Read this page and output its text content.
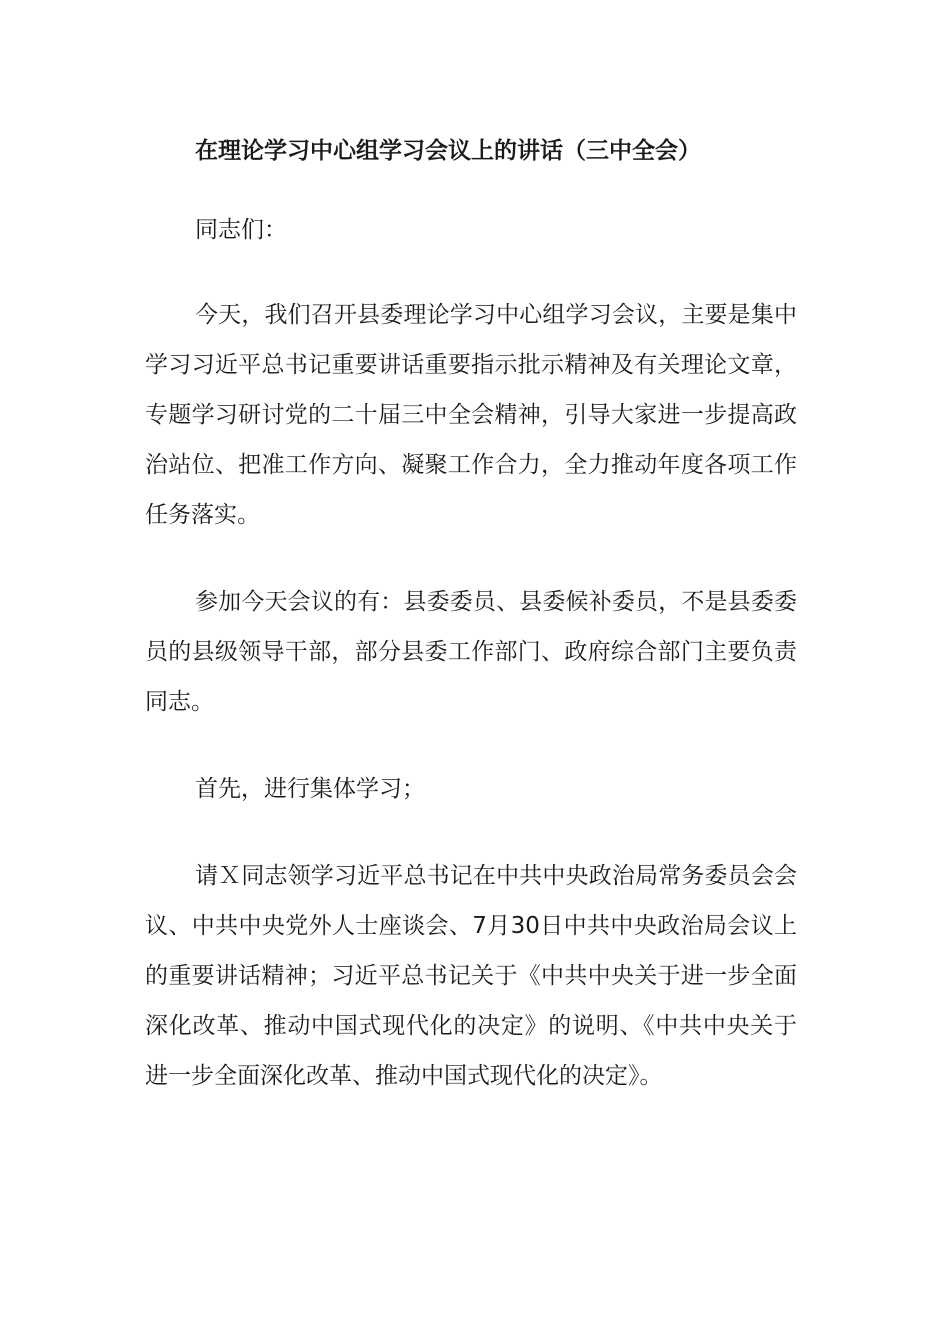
在理论学习中心组学习会议上的讲话（三中全会）

同志们：

今天，我们召开县委理论学习中心组学习会议，主要是集中学习习近平总书记重要讲话重要指示批示精神及有关理论文章，专题学习研讨党的二十届三中全会精神，引导大家进一步提高政治站位、把准工作方向、凝聚工作合力，全力推动年度各项工作任务落实。

参加今天会议的有：县委委员、县委候补委员，不是县委委员的县级领导干部，部分县委工作部门、政府综合部门主要负责同志。

首先，进行集体学习；

请Ｘ同志领学习近平总书记在中共中央政治局常务委员会会议、中共中央党外人士座谈会、7月30日中共中央政治局会议上的重要讲话精神；习近平总书记关于《中共中央关于进一步全面深化改革、推动中国式现代化的决定》的说明、《中共中央关于进一步全面深化改革、推动中国式现代化的决定》。
